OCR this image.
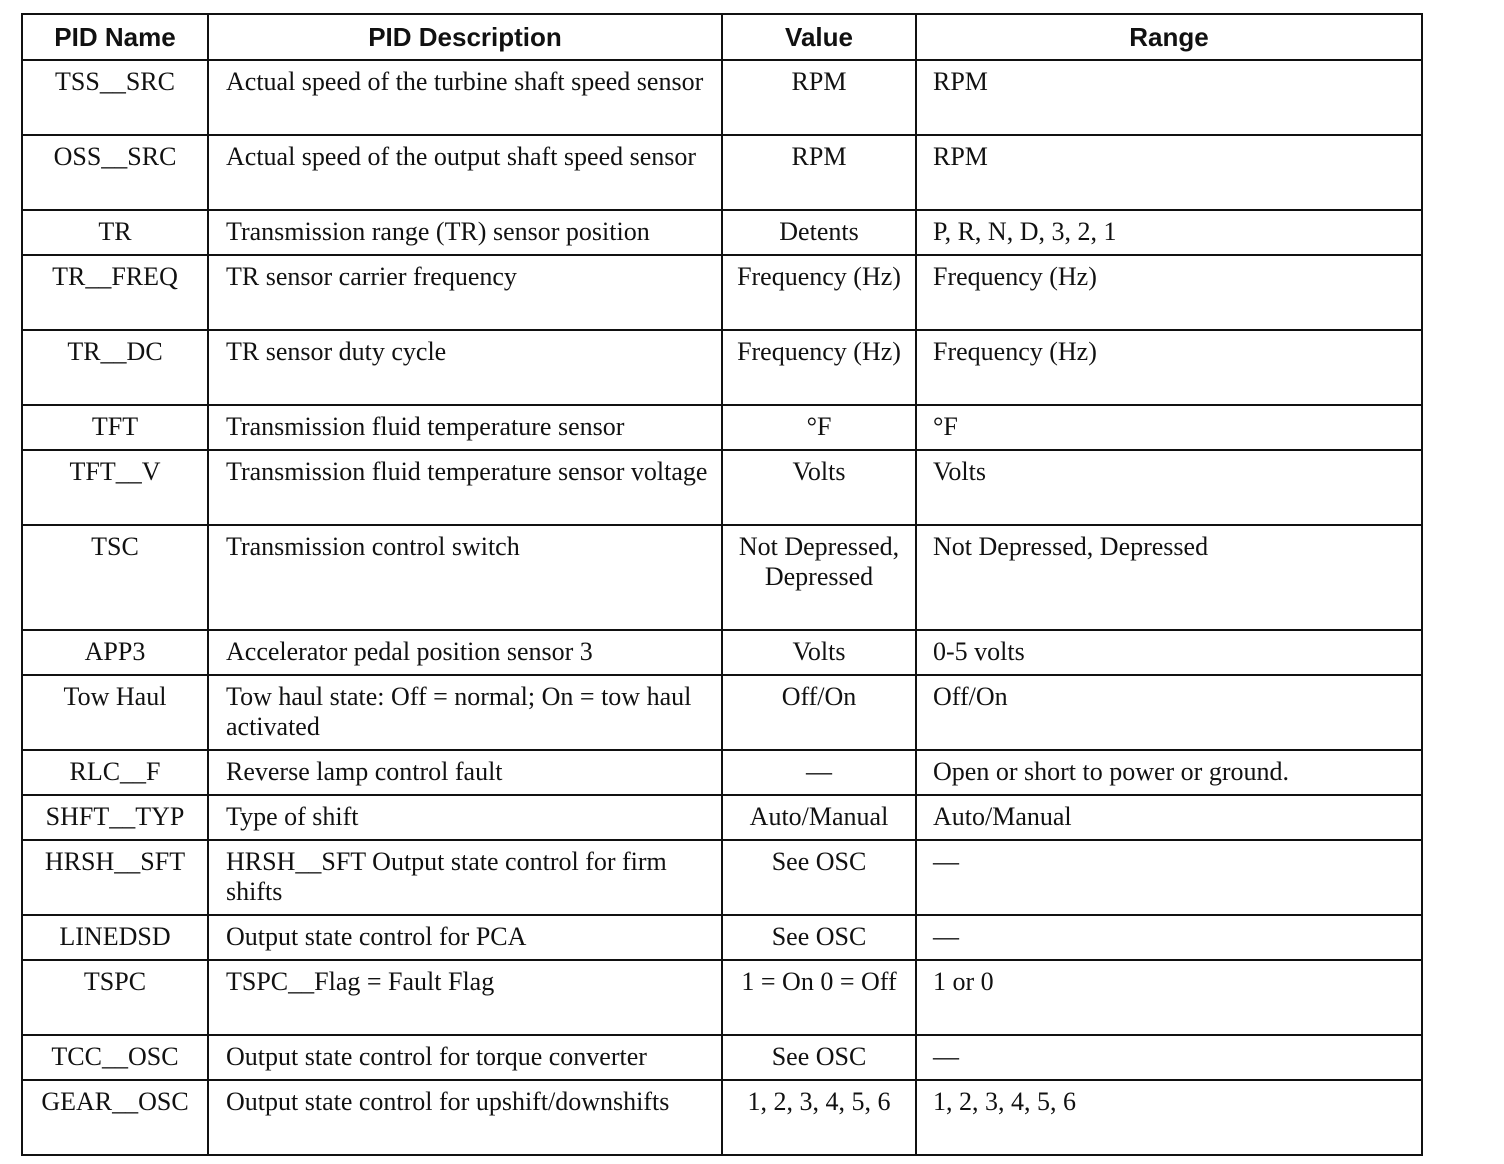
PID Name	PID Description	Value	Range
TSS__SRC	Actual speed of the turbine shaft speed sensor	RPM	RPM
OSS__SRC	Actual speed of the output shaft speed sensor	RPM	RPM
TR	Transmission range (TR) sensor position	Detents	P, R, N, D, 3, 2, 1
TR__FREQ	TR sensor carrier frequency	Frequency (Hz)	Frequency (Hz)
TR__DC	TR sensor duty cycle	Frequency (Hz)	Frequency (Hz)
TFT	Transmission fluid temperature sensor	°F	°F
TFT__V	Transmission fluid temperature sensor voltage	Volts	Volts
TSC	Transmission control switch	Not Depressed, Depressed	Not Depressed, Depressed
APP3	Accelerator pedal position sensor 3	Volts	0-5 volts
Tow Haul	Tow haul state: Off = normal; On = tow haul activated	Off/On	Off/On
RLC__F	Reverse lamp control fault	—	Open or short to power or ground.
SHFT__TYP	Type of shift	Auto/Manual	Auto/Manual
HRSH__SFT	HRSH__SFT Output state control for firm shifts	See OSC	—
LINEDSD	Output state control for PCA	See OSC	—
TSPC	TSPC__Flag = Fault Flag	1 = On 0 = Off	1 or 0
TCC__OSC	Output state control for torque converter	See OSC	—
GEAR__OSC	Output state control for upshift/downshifts	1, 2, 3, 4, 5, 6	1, 2, 3, 4, 5, 6
